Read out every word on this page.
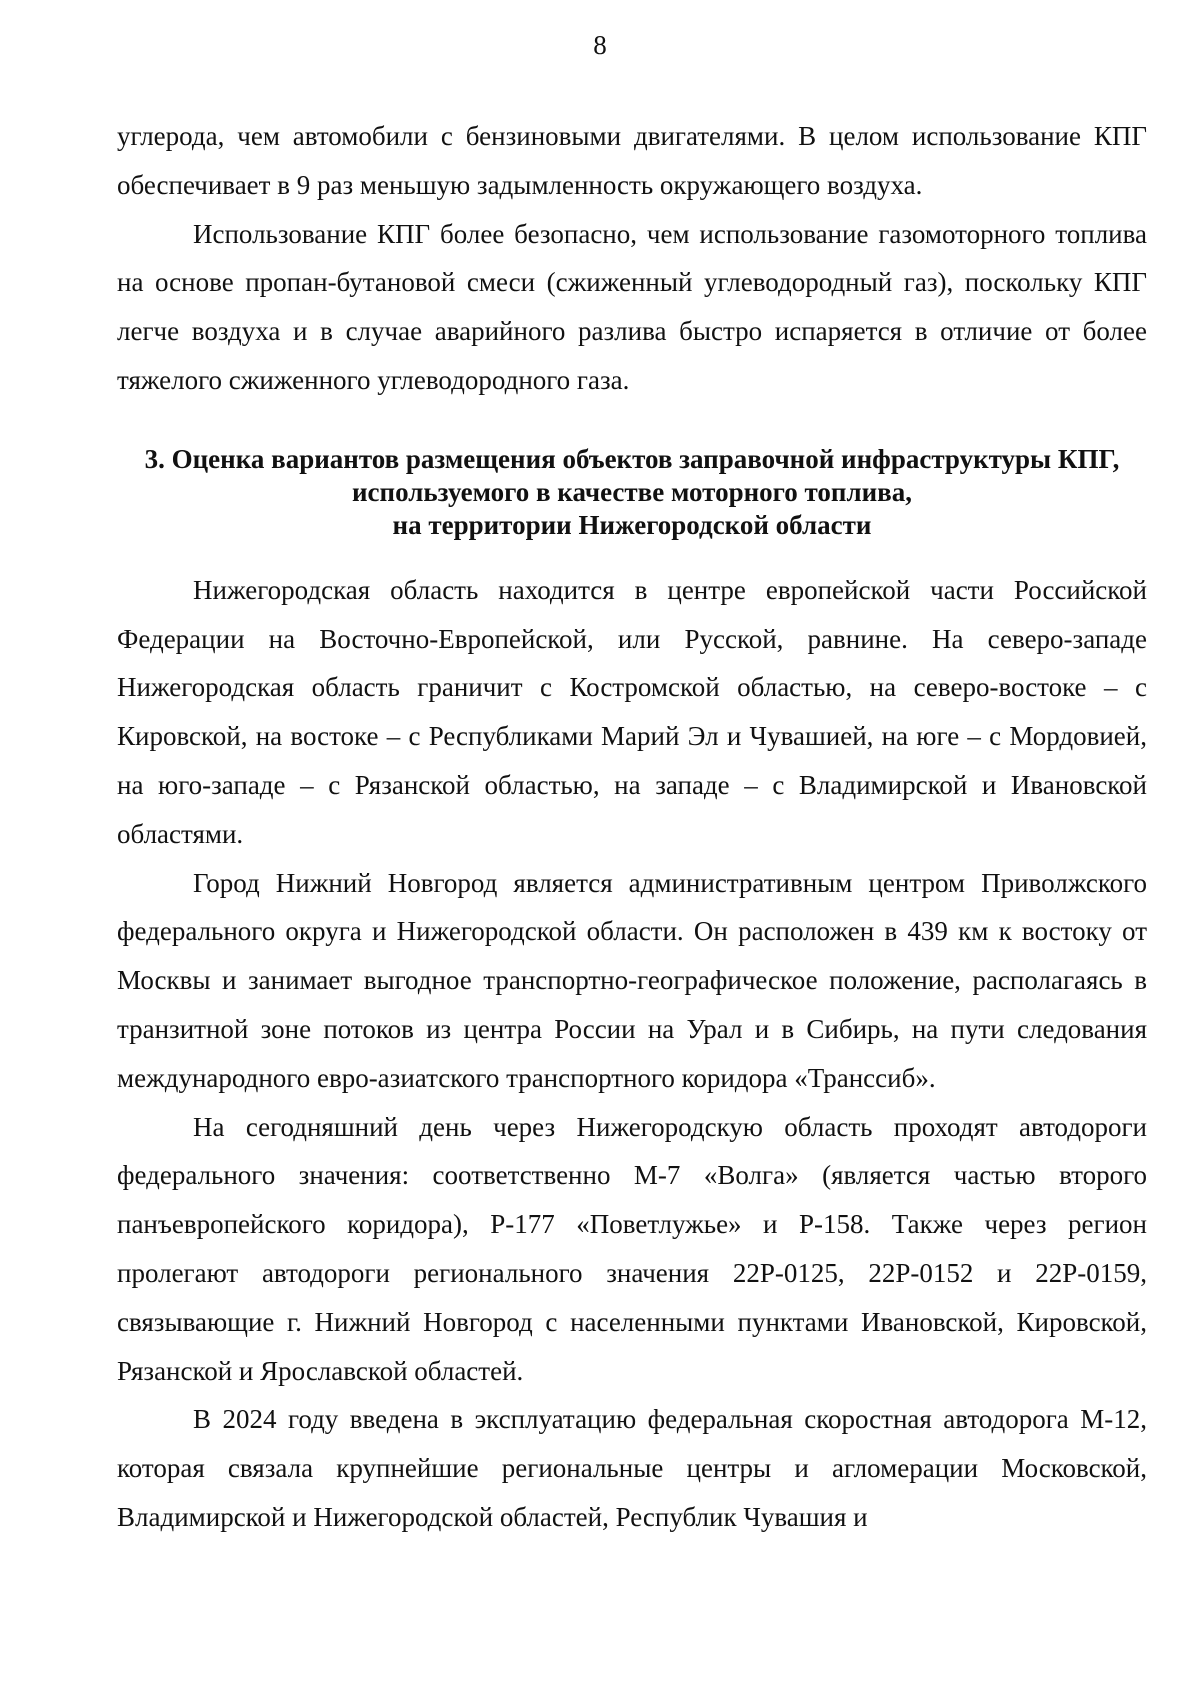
8

углерода, чем автомобили с бензиновыми двигателями. В целом использование КПГ обеспечивает в 9 раз меньшую задымленность окружающего воздуха.

Использование КПГ более безопасно, чем использование газомоторного топлива на основе пропан-бутановой смеси (сжиженный углеводородный газ), поскольку КПГ легче воздуха и в случае аварийного разлива быстро испаряется в отличие от более тяжелого сжиженного углеводородного газа.

3. Оценка вариантов размещения объектов заправочной инфраструктуры КПГ,
используемого в качестве моторного топлива,
на территории Нижегородской области

Нижегородская область находится в центре европейской части Российской Федерации на Восточно-Европейской, или Русской, равнине. На северо-западе Нижегородская область граничит с Костромской областью, на северо-востоке – с Кировской, на востоке – с Республиками Марий Эл и Чувашией, на юге – с Мордовией, на юго-западе – с Рязанской областью, на западе – с Владимирской и Ивановской областями.

Город Нижний Новгород является административным центром Приволжского федерального округа и Нижегородской области. Он расположен в 439 км к востоку от Москвы и занимает выгодное транспортно-географическое положение, располагаясь в транзитной зоне потоков из центра России на Урал и в Сибирь, на пути следования международного евро-азиатского транспортного коридора «Транссиб».

На сегодняшний день через Нижегородскую область проходят автодороги федерального значения: соответственно М-7 «Волга» (является частью второго панъевропейского коридора), Р-177 «Поветлужье» и Р-158. Также через регион пролегают автодороги регионального значения 22Р-0125, 22Р-0152 и 22Р-0159, связывающие г. Нижний Новгород с населенными пунктами Ивановской, Кировской, Рязанской и Ярославской областей.

В 2024 году введена в эксплуатацию федеральная скоростная автодорога М-12, которая связала крупнейшие региональные центры и агломерации Московской, Владимирской и Нижегородской областей, Республик Чувашия и
